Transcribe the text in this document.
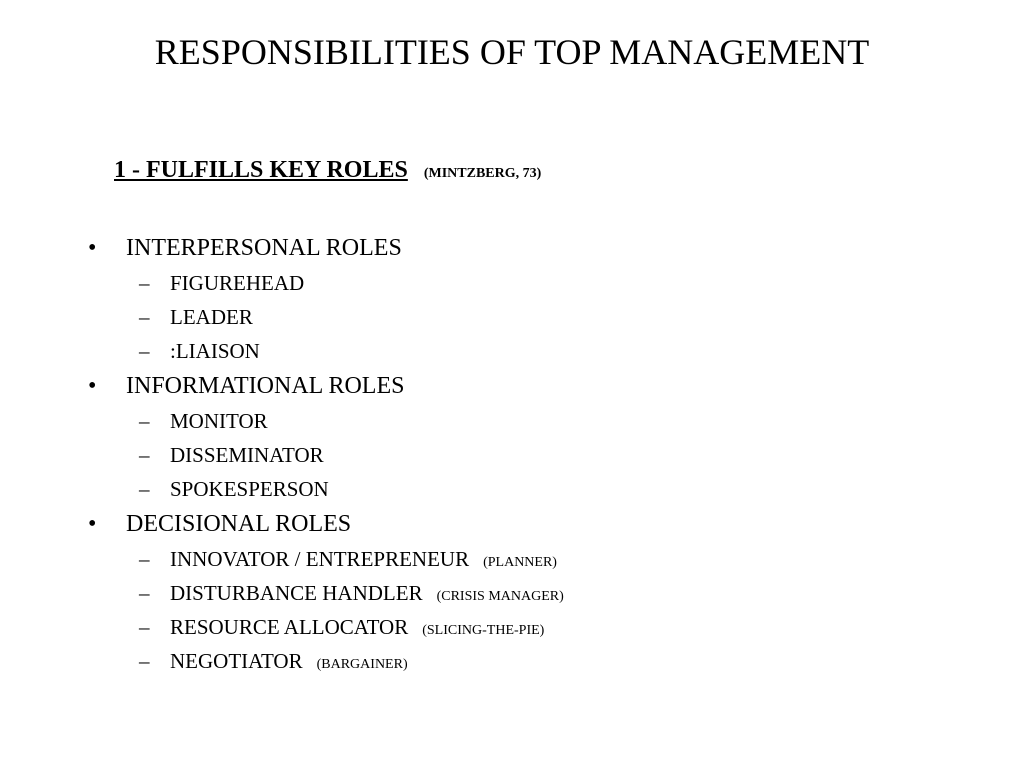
RESPONSIBILITIES OF TOP MANAGEMENT
1 - FULFILLS KEY ROLES (MINTZBERG, 73)
•	INTERPERSONAL ROLES
– FIGUREHEAD
– LEADER
– :LIAISON
•	INFORMATIONAL ROLES
– MONITOR
– DISSEMINATOR
– SPOKESPERSON
•	DECISIONAL ROLES
– INNOVATOR / ENTREPRENEUR (PLANNER)
– DISTURBANCE HANDLER (CRISIS MANAGER)
– RESOURCE ALLOCATOR (SLICING-THE-PIE)
– NEGOTIATOR (BARGAINER)
